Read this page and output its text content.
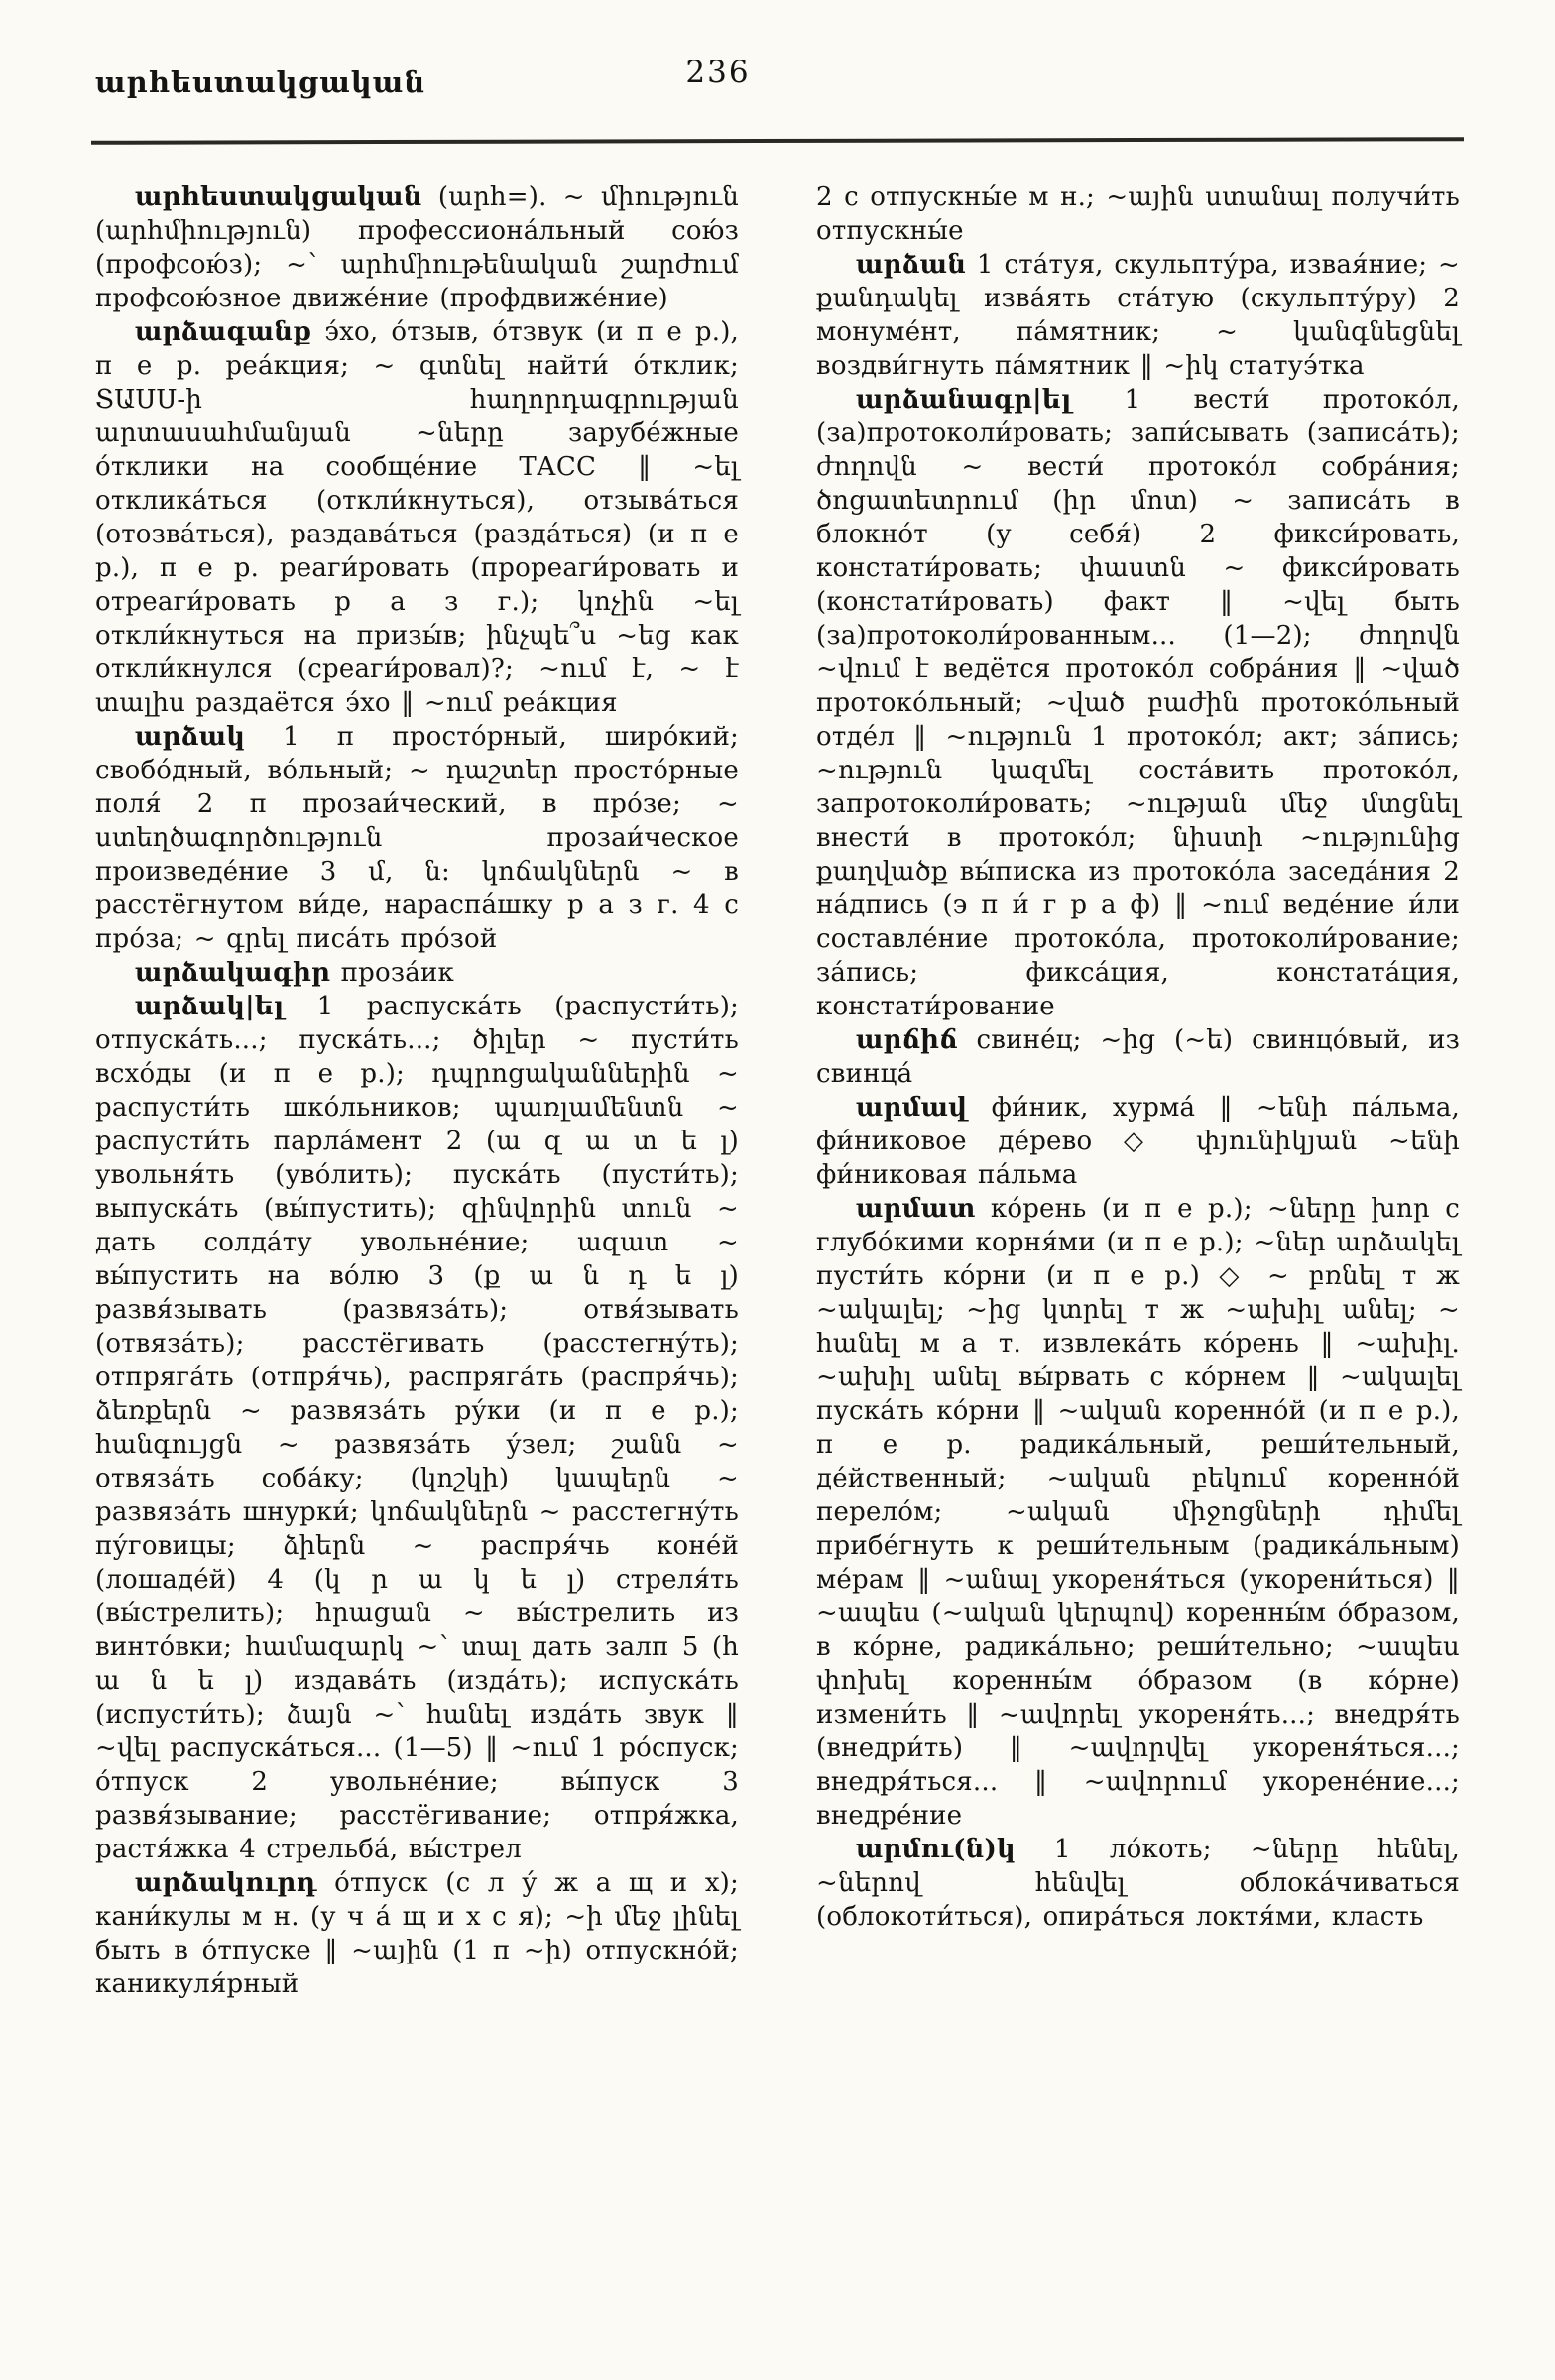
արհեստակցական	236

արհեստակցական (արհ=). ~ միություն (արհմիություն) профессиона́льный сою́з (профсою́з); ~՝ արհմիութենական շարժում профсою́зное движе́ние (профдвиже́ние)

արձագանք э́хо, о́тзыв, о́тзвук (и п е р.), п е р. реа́кция; ~ գտնել найти́ о́тклик; ՏԱՍՍ-ի հաղորդագրության արտասահմանյան ~ները зарубе́жные о́тклики на сообще́ние ТАСС ‖ ~ել отклика́ться (откли́кнуться), отзыва́ться (отозва́ться), раздава́ться (разда́ться) (и п е р.), п е р. реаги́ровать (прореаги́ровать и отреаги́ровать р а з г.); կոչին ~ել откли́кнуться на призы́в; ինչպե՞ս ~եց как откли́кнулся (среаги́ровал)?; ~ում է, ~ է տալիս раздаётся э́хо ‖ ~ում реа́кция

արձակ 1 п просто́рный, широ́кий; свобо́дный, во́льный; ~ դաշտեր просто́рные поля́ 2 п прозаи́ческий, в про́зе; ~ ստեղծագործություն прозаи́ческое произведе́ние 3 մ, ն: կոճակներն ~ в расстёгнутом ви́де, нараспа́шку р а з г. 4 с про́за; ~ գրել писа́ть про́зой

արձակագիր проза́ик

արձակ|ել 1 распуска́ть (распусти́ть); отпуска́ть...; пуска́ть...; ծիլեր ~ пусти́ть всхо́ды (и п е р.); դպրոցականներին ~ распусти́ть шко́льников; պառլամենտն ~ распусти́ть парла́мент 2 (ա զ ա տ ե լ) увольня́ть (уво́лить); пуска́ть (пусти́ть); выпуска́ть (вы́пустить); զինվորին տուն ~ дать солда́ту увольне́ние; ազատ ~ вы́пустить на во́лю 3 (ք ա ն դ ե լ) развя́зывать (развяза́ть); отвя́зывать (отвяза́ть); расстёгивать (расстегну́ть); отпряга́ть (отпря́чь), распряга́ть (распря́чь); ձեռքերն ~ развяза́ть ру́ки (и п е р.); հանգույցն ~ развяза́ть у́зел; շանն ~ отвяза́ть соба́ку; (կոշկի) կապերն ~ развяза́ть шнурки́; կոճակներն ~ расстегну́ть пу́говицы; ձիերն ~ распря́чь коне́й (лошаде́й) 4 (կ ր ա կ ե լ) стреля́ть (вы́стрелить); հրացան ~ вы́стрелить из винто́вки; համազարկ ~՝ տալ дать залп 5 (հ ա ն ե լ) издава́ть (изда́ть); испуска́ть (испусти́ть); ձայն ~՝ հանել изда́ть звук ‖ ~վել распуска́ться... (1—5) ‖ ~ում 1 ро́спуск; о́тпуск 2 увольне́ние; вы́пуск 3 развя́зывание; расстёгивание; отпря́жка, растя́жка 4 стрельба́, вы́стрел

արձակուրդ о́тпуск (с л у́ ж а щ и х); кани́кулы м н. (у ч а́ щ и х с я); ~ի մեջ լինել быть в о́тпуске ‖ ~ային (1 п ~ի) отпускно́й; каникуля́рный

2 с отпускны́е м н.; ~ային ստանալ получи́ть отпускны́е

արձան 1 ста́туя, скульпту́ра, извая́ние; ~ քանդակել изва́ять ста́тую (скульпту́ру) 2 монуме́нт, па́мятник; ~ կանգնեցնել воздви́гнуть па́мятник ‖ ~իկ статуэ́тка

արձանագր|ել 1 вести́ протоко́л, (за)протоколи́ровать; запи́сывать (записа́ть); ժողովն ~ вести́ протоко́л собра́ния; ծոցատետրում (իր մոտ) ~ записа́ть в блокно́т (у себя́) 2 фикси́ровать, констати́ровать; փաստն ~ фикси́ровать (констати́ровать) факт ‖ ~վել быть (за)протоколи́рованным... (1—2); ժողովն ~վում է ведётся протоко́л собра́ния ‖ ~ված протоко́льный; ~ված բաժին протоко́льный отде́л ‖ ~ություն 1 протоко́л; акт; за́пись; ~ություն կազմել соста́вить протоко́л, запротоколи́ровать; ~ության մեջ մտցնել внести́ в протоко́л; նիստի ~ությունից քաղվածք вы́писка из протоко́ла заседа́ния 2 на́дпись (э п и́ г р а ф) ‖ ~ում веде́ние и́ли составле́ние протоко́ла, протоколи́рование; за́пись; фикса́ция, констата́ция, констати́рование

արճիճ свине́ц; ~ից (~ե) свинцо́вый, из свинца́

արմավ фи́ник, хурма́ ‖ ~ենի па́льма, фи́никовое де́рево ◇ փյունիկյան ~ենի фи́никовая па́льма

արմատ ко́рень (и п е р.); ~ները խոր с глубо́кими корня́ми (и п е р.); ~ներ արձակել пусти́ть ко́рни (и п е р.) ◇ ~ բռնել т ж ~ակալել; ~ից կտրել т ж ~ախիլ անել; ~ հանել м а т. извлека́ть ко́рень ‖ ~ախիլ. ~ախիլ անել вы́рвать с ко́рнем ‖ ~ակալել пуска́ть ко́рни ‖ ~ական коренно́й (и п е р.), п е р. радика́льный, реши́тельный, де́йственный; ~ական բեկում коренно́й перело́м; ~ական միջոցների դիմել прибе́гнуть к реши́тельным (радика́льным) ме́рам ‖ ~անալ укореня́ться (укорени́ться) ‖ ~ապես (~ական կերպով) коренны́м о́бразом, в ко́рне, радика́льно; реши́тельно; ~ապես փոխել коренны́м о́бразом (в ко́рне) измени́ть ‖ ~ավորել укореня́ть...; внедря́ть (внедри́ть) ‖ ~ավորվել укореня́ться...; внедря́ться... ‖ ~ավորում укорене́ние...; внедре́ние

արմու(ն)կ 1 ло́коть; ~ները հենել, ~ներով հենվել облока́чиваться (облокоти́ться), опира́ться локтя́ми, класть
